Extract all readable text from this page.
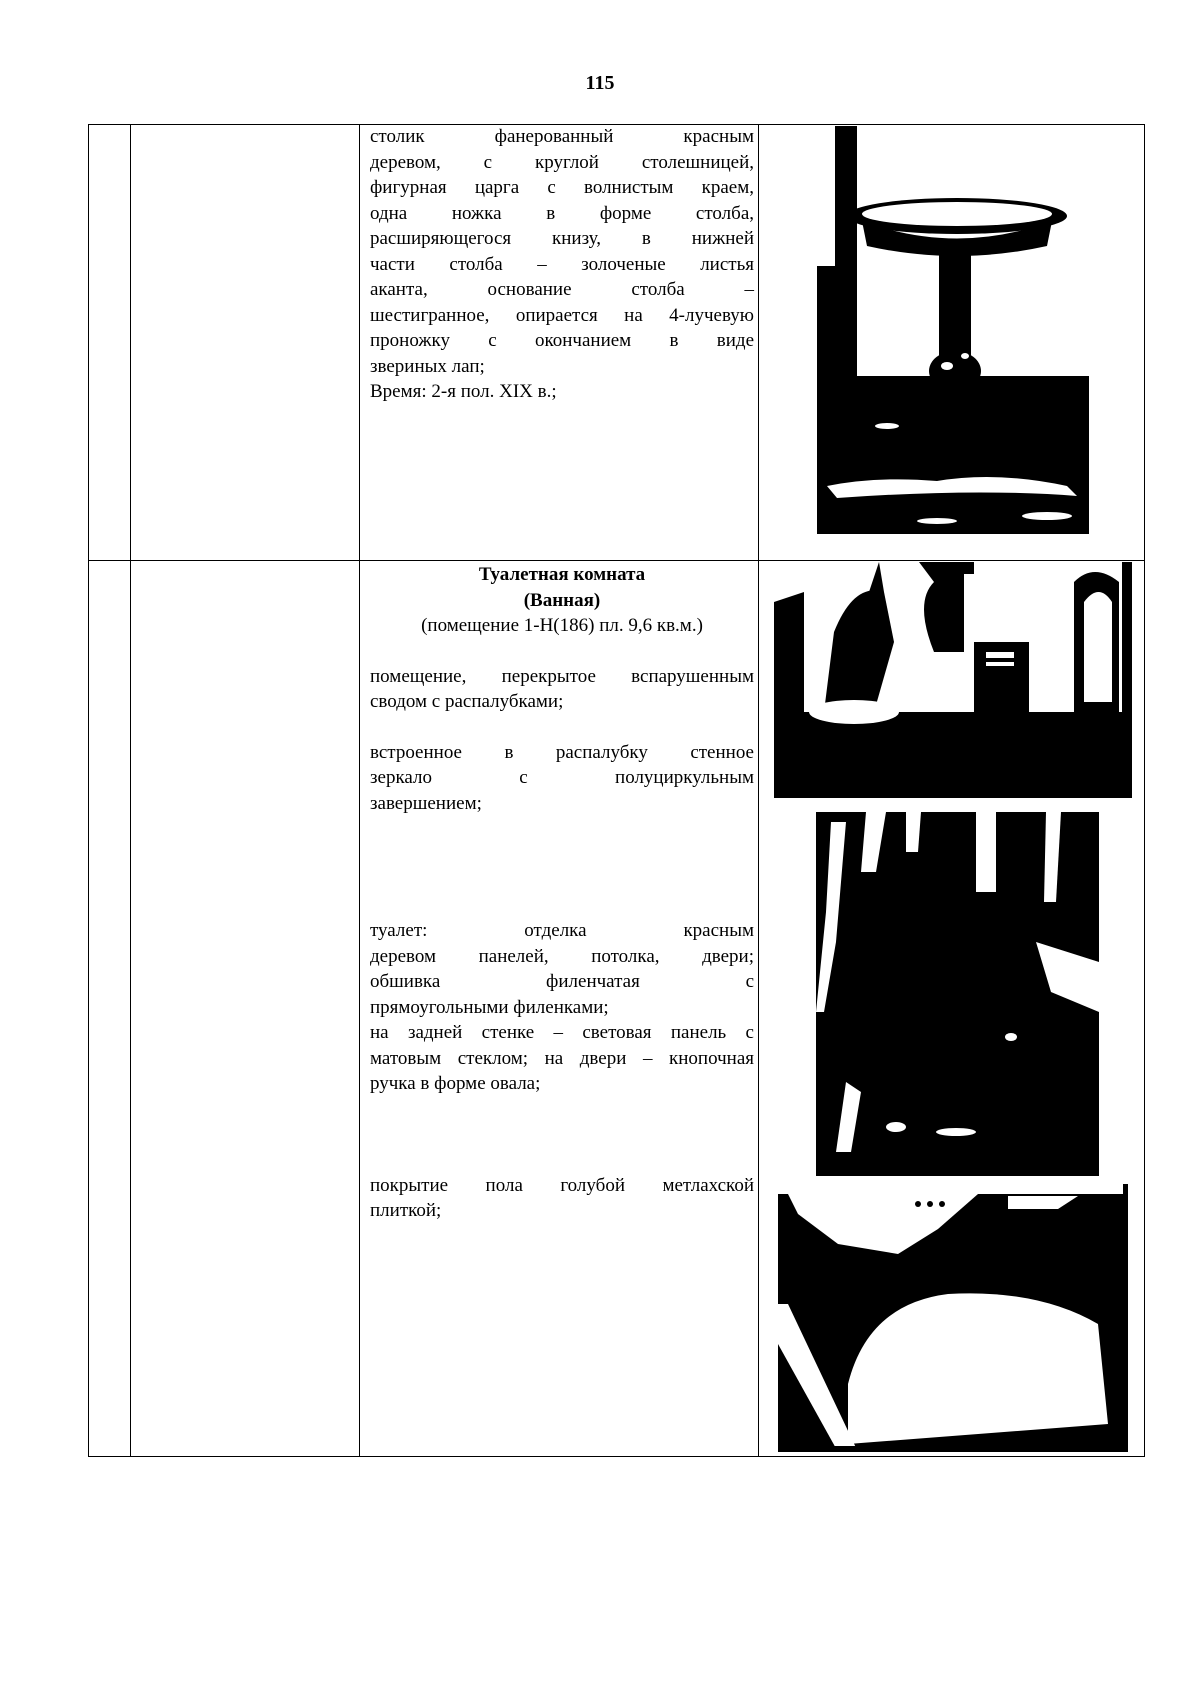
115
столик фанерованный красным
деревом, с круглой столешницей,
фигурная царга с волнистым краем,
одна ножка в форме столба,
расширяющегося книзу, в нижней
части столба – золоченые листья
аканта, основание столба –
шестигранное, опирается на 4-лучевую
проножку с окончанием в виде
звериных лап;
Время: 2-я пол. XIX в.;
Туалетная комната
(Ванная)
(помещение 1-Н(186) пл. 9,6 кв.м.)
помещение, перекрытое вспарушенным
сводом с распалубками;
встроенное в распалубку стенное
зеркало с полуциркульным
завершением;
туалет: отделка красным
деревом панелей, потолка, двери;
обшивка филенчатая с
прямоугольными филенками;
на задней стенке – световая панель с
матовым стеклом; на двери – кнопочная
ручка в форме овала;
покрытие пола голубой метлахской
плиткой;
